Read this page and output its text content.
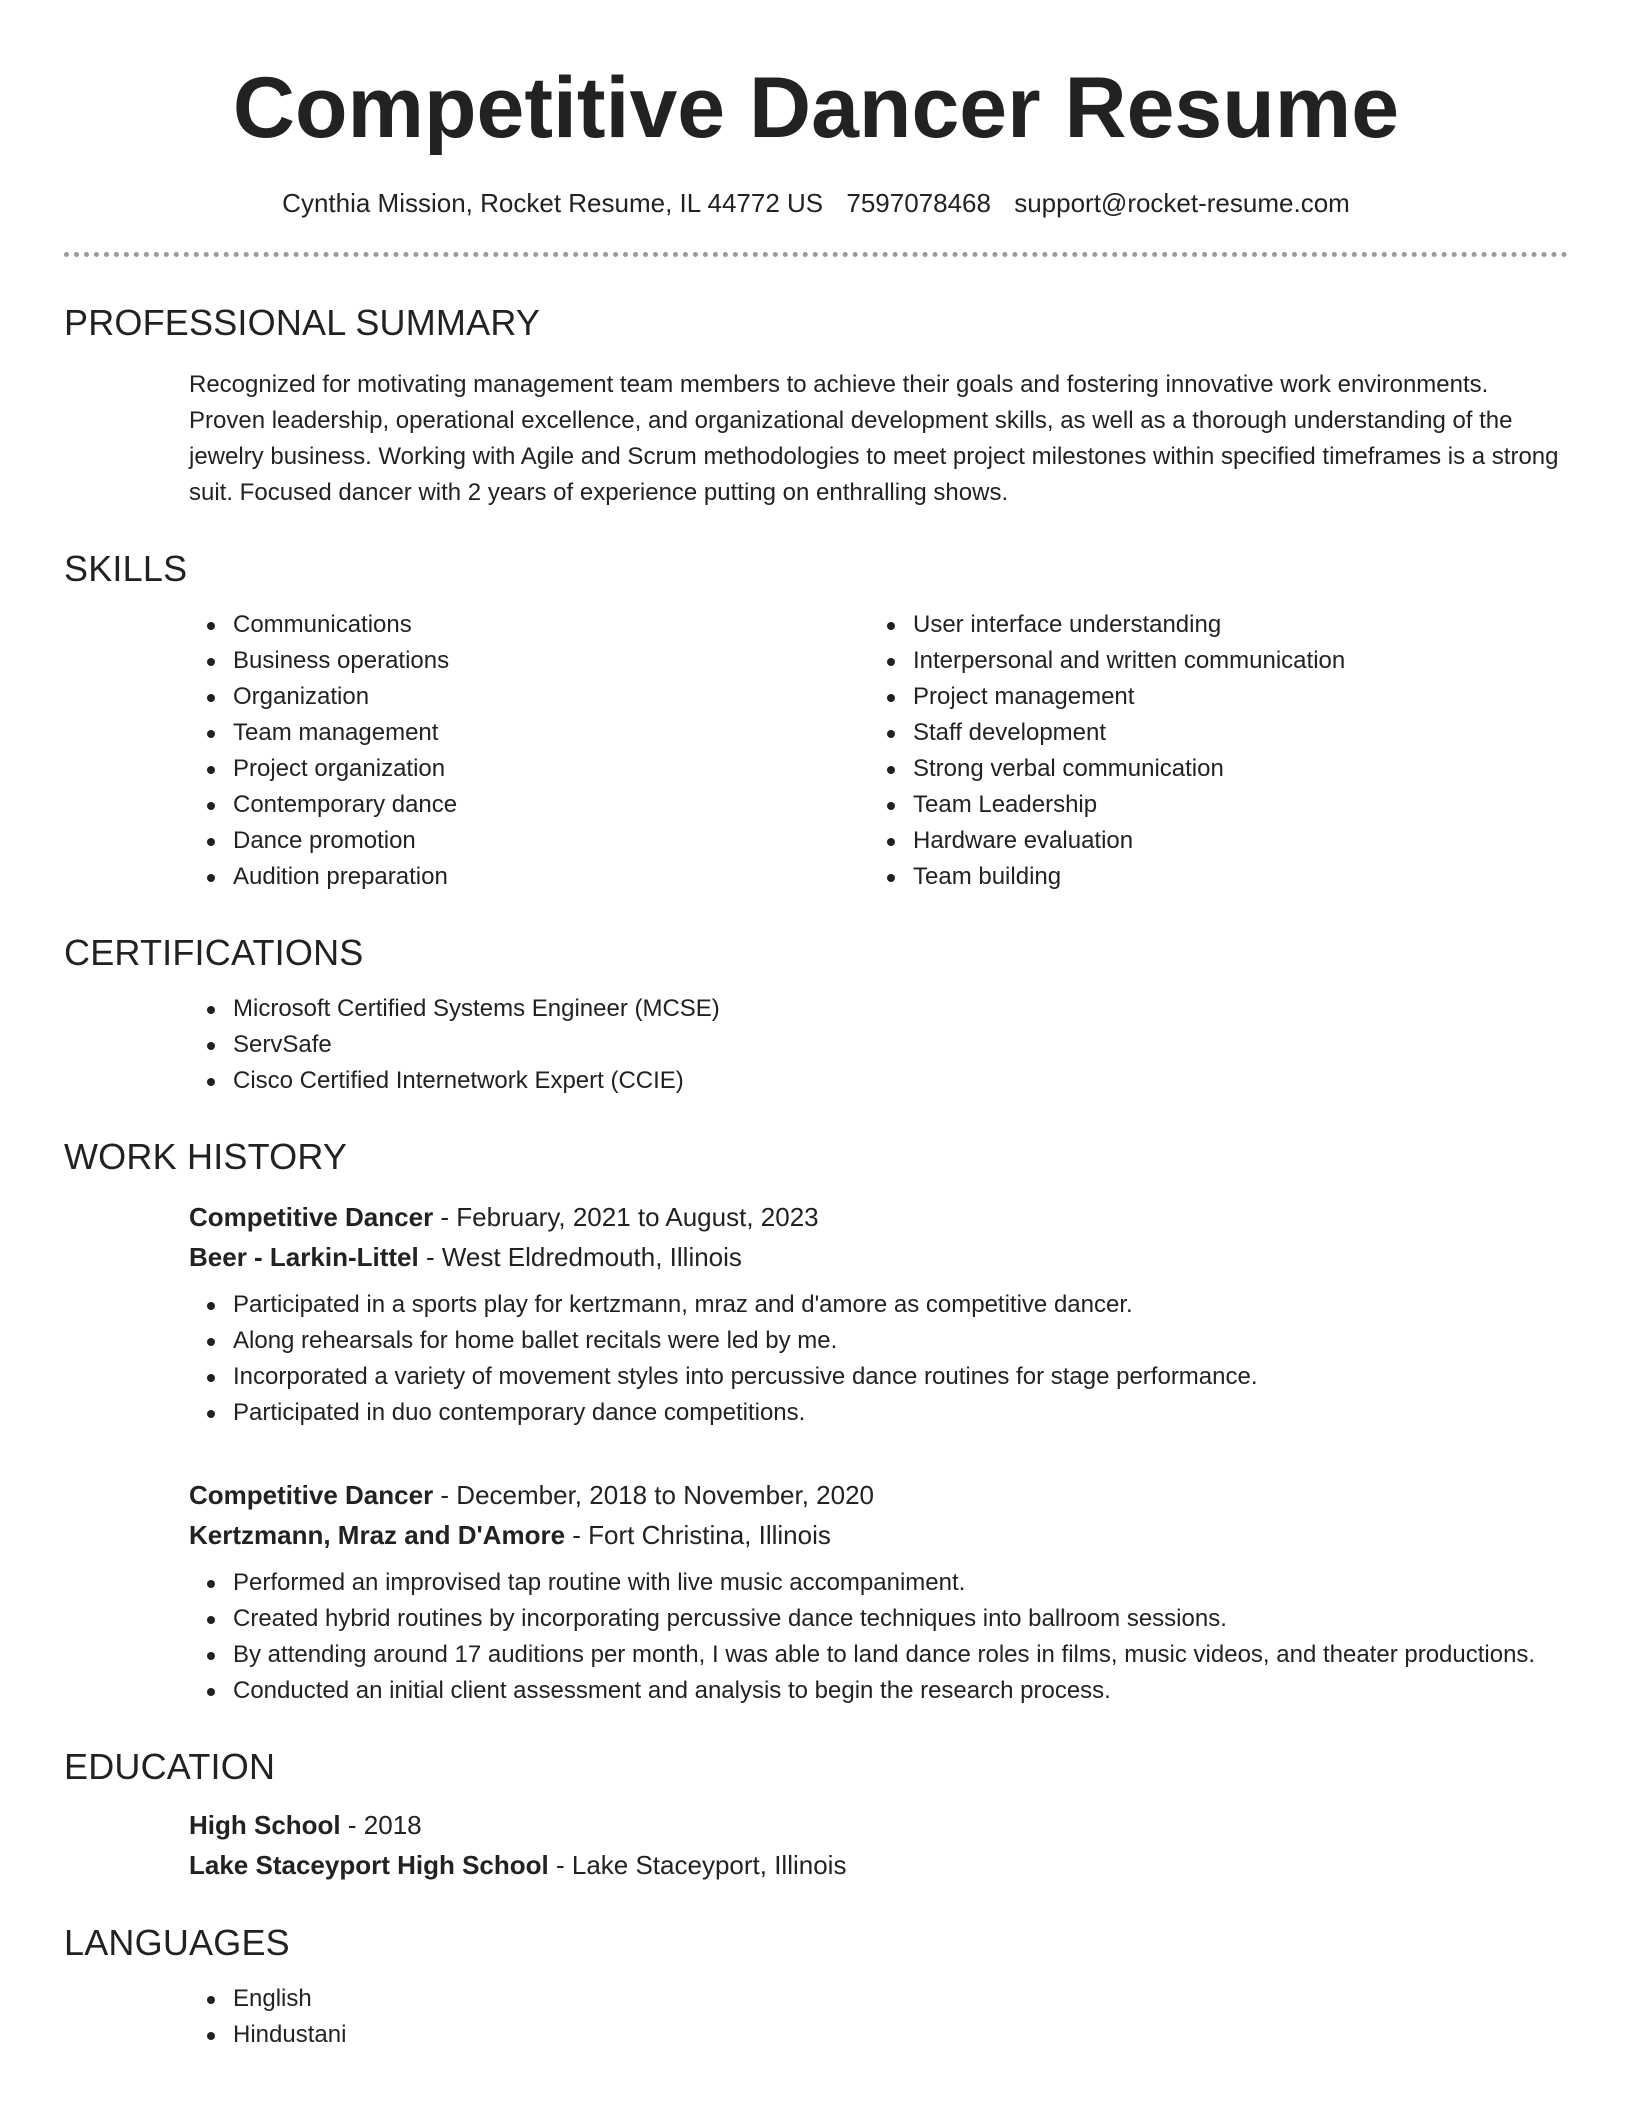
Competitive Dancer Resume
Cynthia Mission, Rocket Resume, IL 44772 US 7597078468 support@rocket-resume.com
PROFESSIONAL SUMMARY

Recognized for motivating management team members to achieve their goals and fostering innovative work environments. Proven leadership, operational excellence, and organizational development skills, as well as a thorough understanding of the jewelry business. Working with Agile and Scrum methodologies to meet project milestones within specified timeframes is a strong suit. Focused dancer with 2 years of experience putting on enthralling shows.

SKILLS
Communications
Business operations
Organization
Team management
Project organization
Contemporary dance
Dance promotion
Audition preparation
User interface understanding
Interpersonal and written communication
Project management
Staff development
Strong verbal communication
Team Leadership
Hardware evaluation
Team building
CERTIFICATIONS
Microsoft Certified Systems Engineer (MCSE)
ServSafe
Cisco Certified Internetwork Expert (CCIE)
WORK HISTORY
Competitive Dancer - February, 2021 to August, 2023
Beer - Larkin-Littel - West Eldredmouth, Illinois
Participated in a sports play for kertzmann, mraz and d'amore as competitive dancer.
Along rehearsals for home ballet recitals were led by me.
Incorporated a variety of movement styles into percussive dance routines for stage performance.
Participated in duo contemporary dance competitions.
Competitive Dancer - December, 2018 to November, 2020
Kertzmann, Mraz and D'Amore - Fort Christina, Illinois
Performed an improvised tap routine with live music accompaniment.
Created hybrid routines by incorporating percussive dance techniques into ballroom sessions.
By attending around 17 auditions per month, I was able to land dance roles in films, music videos, and theater productions.
Conducted an initial client assessment and analysis to begin the research process.
EDUCATION
High School - 2018
Lake Staceyport High School - Lake Staceyport, Illinois
LANGUAGES
English
Hindustani
